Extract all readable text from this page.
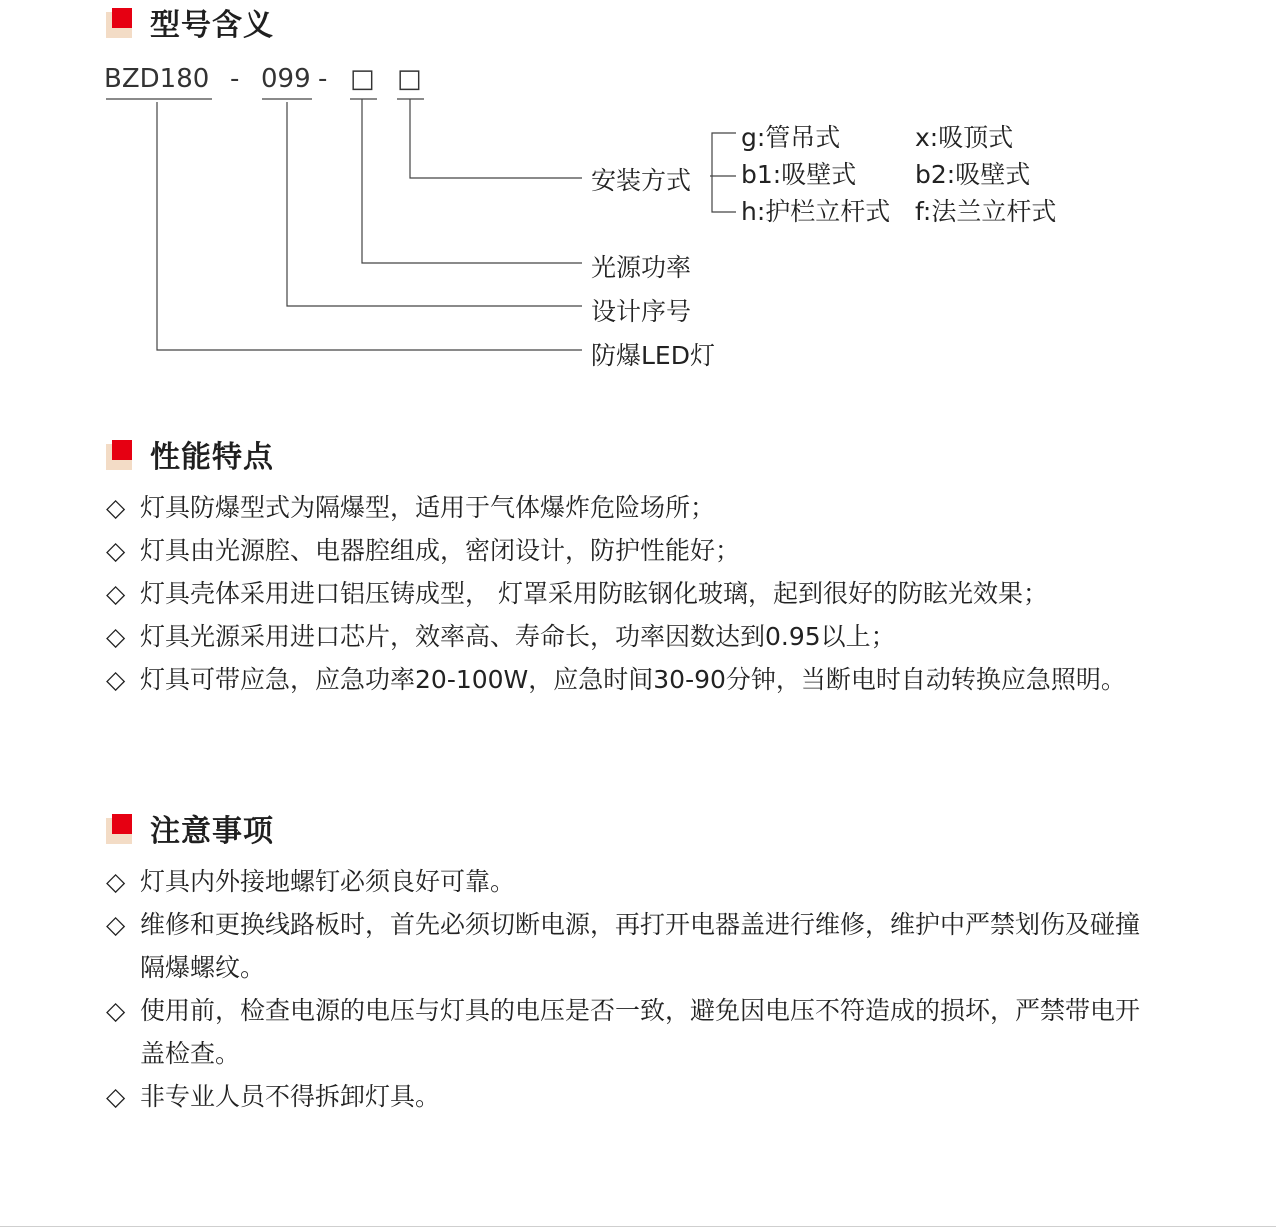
型号含义
BZD180 - 099 - □ □
安装方式
光源功率
设计序号
防爆LED灯
g:管吊式	x:吸顶式
b1:吸壁式 b2:吸壁式
h:护栏立杆式 f:法兰立杆式
性能特点
◇ 灯具防爆型式为隔爆型，适用于气体爆炸危险场所；
◇ 灯具由光源腔、电器腔组成，密闭设计，防护性能好；
◇ 灯具壳体采用进口铝压铸成型， 灯罩采用防眩钢化玻璃，起到很好的防眩光效果；
◇ 灯具光源采用进口芯片，效率高、寿命长，功率因数达到0.95以上；
◇ 灯具可带应急，应急功率20-100W，应急时间30-90分钟，当断电时自动转换应急照明。
注意事项
◇ 灯具内外接地螺钉必须良好可靠。
◇ 维修和更换线路板时，首先必须切断电源，再打开电器盖进行维修，维护中严禁划伤及碰撞隔爆螺纹。
◇ 使用前，检查电源的电压与灯具的电压是否一致，避免因电压不符造成的损坏，严禁带电开盖检查。
◇ 非专业人员不得拆卸灯具。
